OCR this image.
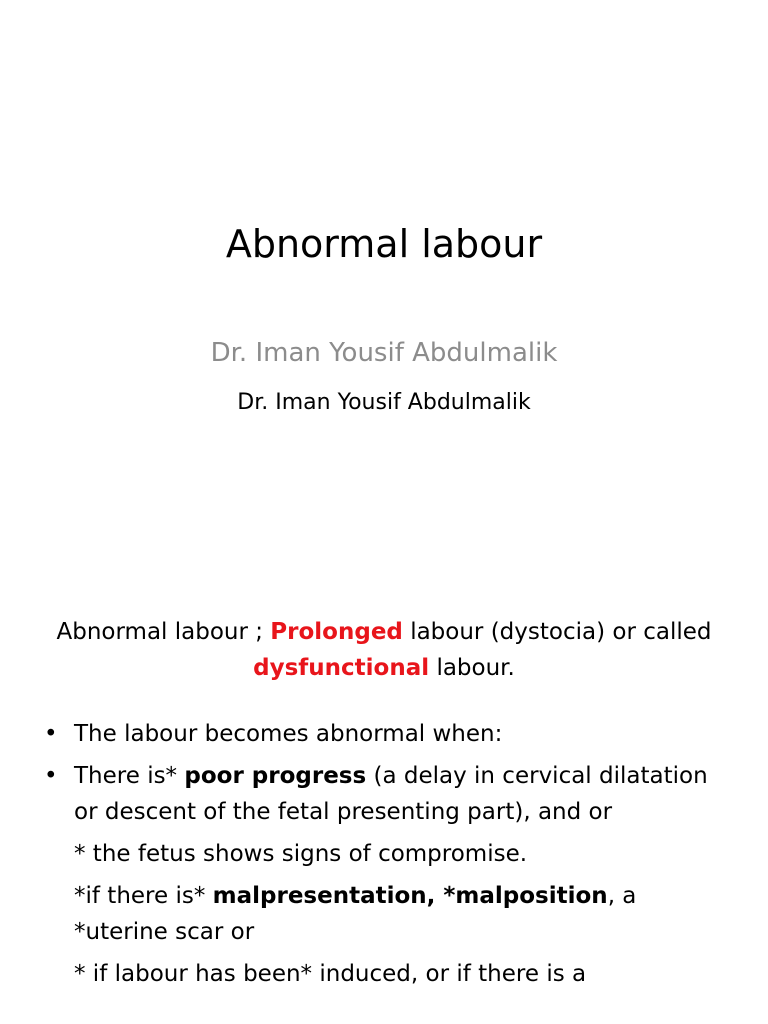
Abnormal labour
Dr. Iman Yousif Abdulmalik
Dr. Iman Yousif Abdulmalik
Abnormal labour ; Prolonged labour (dystocia) or called
dysfunctional labour.
• The labour becomes abnormal when:
• There is* poor progress (a delay in cervical dilatation or descent of the fetal presenting part), and or
* the fetus shows signs of compromise.
*if there is* malpresentation, *malposition, a *uterine scar or
* if labour has been* induced, or if there is a
